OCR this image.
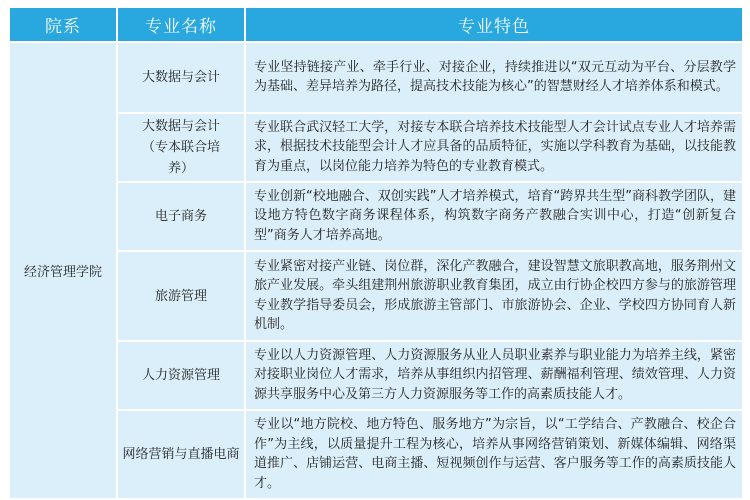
院系	专业名称	专业特色
经济管理学院	大数据与会计	专业坚持链接产业、牵手行业、对接企业，持续推进以“双元互动为平台、分层教学为基础、差异培养为路径，提高技术技能为核心”的智慧财经人才培养体系和模式。
	大数据与会计（专本联合培养）	专业联合武汉轻工大学，对接专本联合培养技术技能型人才会计试点专业人才培养需求，根据技术技能型会计人才应具备的品质特征，实施以学科教育为基础，以技能教育为重点，以岗位能力培养为特色的专业教育模式。
	电子商务	专业创新“校地融合、双创实践”人才培养模式，培育“跨界共生型”商科教学团队，建设地方特色数字商务课程体系，构筑数字商务产教融合实训中心，打造“创新复合型”商务人才培养高地。
	旅游管理	专业紧密对接产业链、岗位群，深化产教融合，建设智慧文旅职教高地，服务荆州文旅产业发展。牵头组建荆州旅游职业教育集团，成立由行协企校四方参与的旅游管理专业教学指导委员会，形成旅游主管部门、市旅游协会、企业、学校四方协同育人新机制。
	人力资源管理	专业以人力资源管理、人力资源服务从业人员职业素养与职业能力为培养主线，紧密对接职业岗位人才需求，培养从事组织内招管理、薪酬福利管理、绩效管理、人力资源共享服务中心及第三方人力资源服务等工作的高素质技能人才。
	网络营销与直播电商	专业以“地方院校、地方特色、服务地方”为宗旨，以“工学结合、产教融合、校企合作”为主线，以质量提升工程为核心，培养从事网络营销策划、新媒体编辑、网络渠道推广、店铺运营、电商主播、短视频创作与运营、客户服务等工作的高素质技能人才。
